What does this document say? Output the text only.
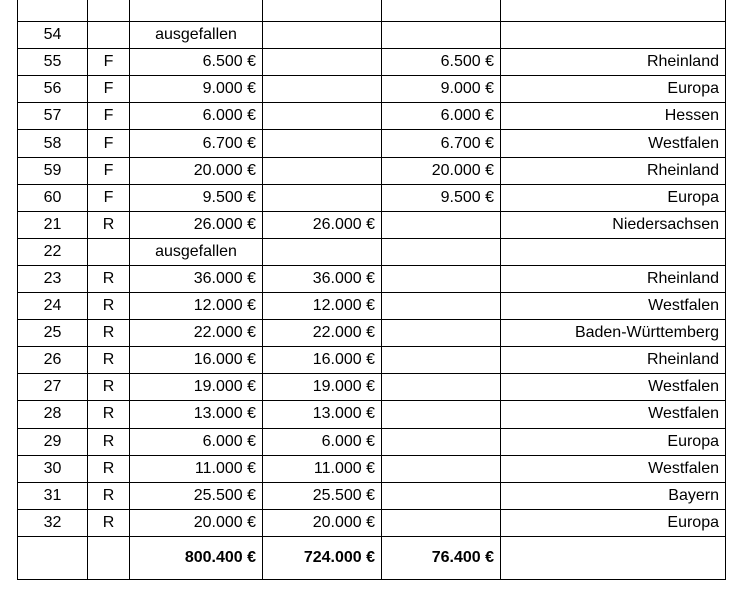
54		ausgefallen			
55	F	6.500 €		6.500 €	Rheinland
56	F	9.000 €		9.000 €	Europa
57	F	6.000 €		6.000 €	Hessen
58	F	6.700 €		6.700 €	Westfalen
59	F	20.000 €		20.000 €	Rheinland
60	F	9.500 €		9.500 €	Europa
21	R	26.000 €	26.000 €		Niedersachsen
22		ausgefallen			
23	R	36.000 €	36.000 €		Rheinland
24	R	12.000 €	12.000 €		Westfalen
25	R	22.000 €	22.000 €		Baden-Württemberg
26	R	16.000 €	16.000 €		Rheinland
27	R	19.000 €	19.000 €		Westfalen
28	R	13.000 €	13.000 €		Westfalen
29	R	6.000 €	6.000 €		Europa
30	R	11.000 €	11.000 €		Westfalen
31	R	25.500 €	25.500 €		Bayern
32	R	20.000 €	20.000 €		Europa
		800.400 €	724.000 €	76.400 €	
